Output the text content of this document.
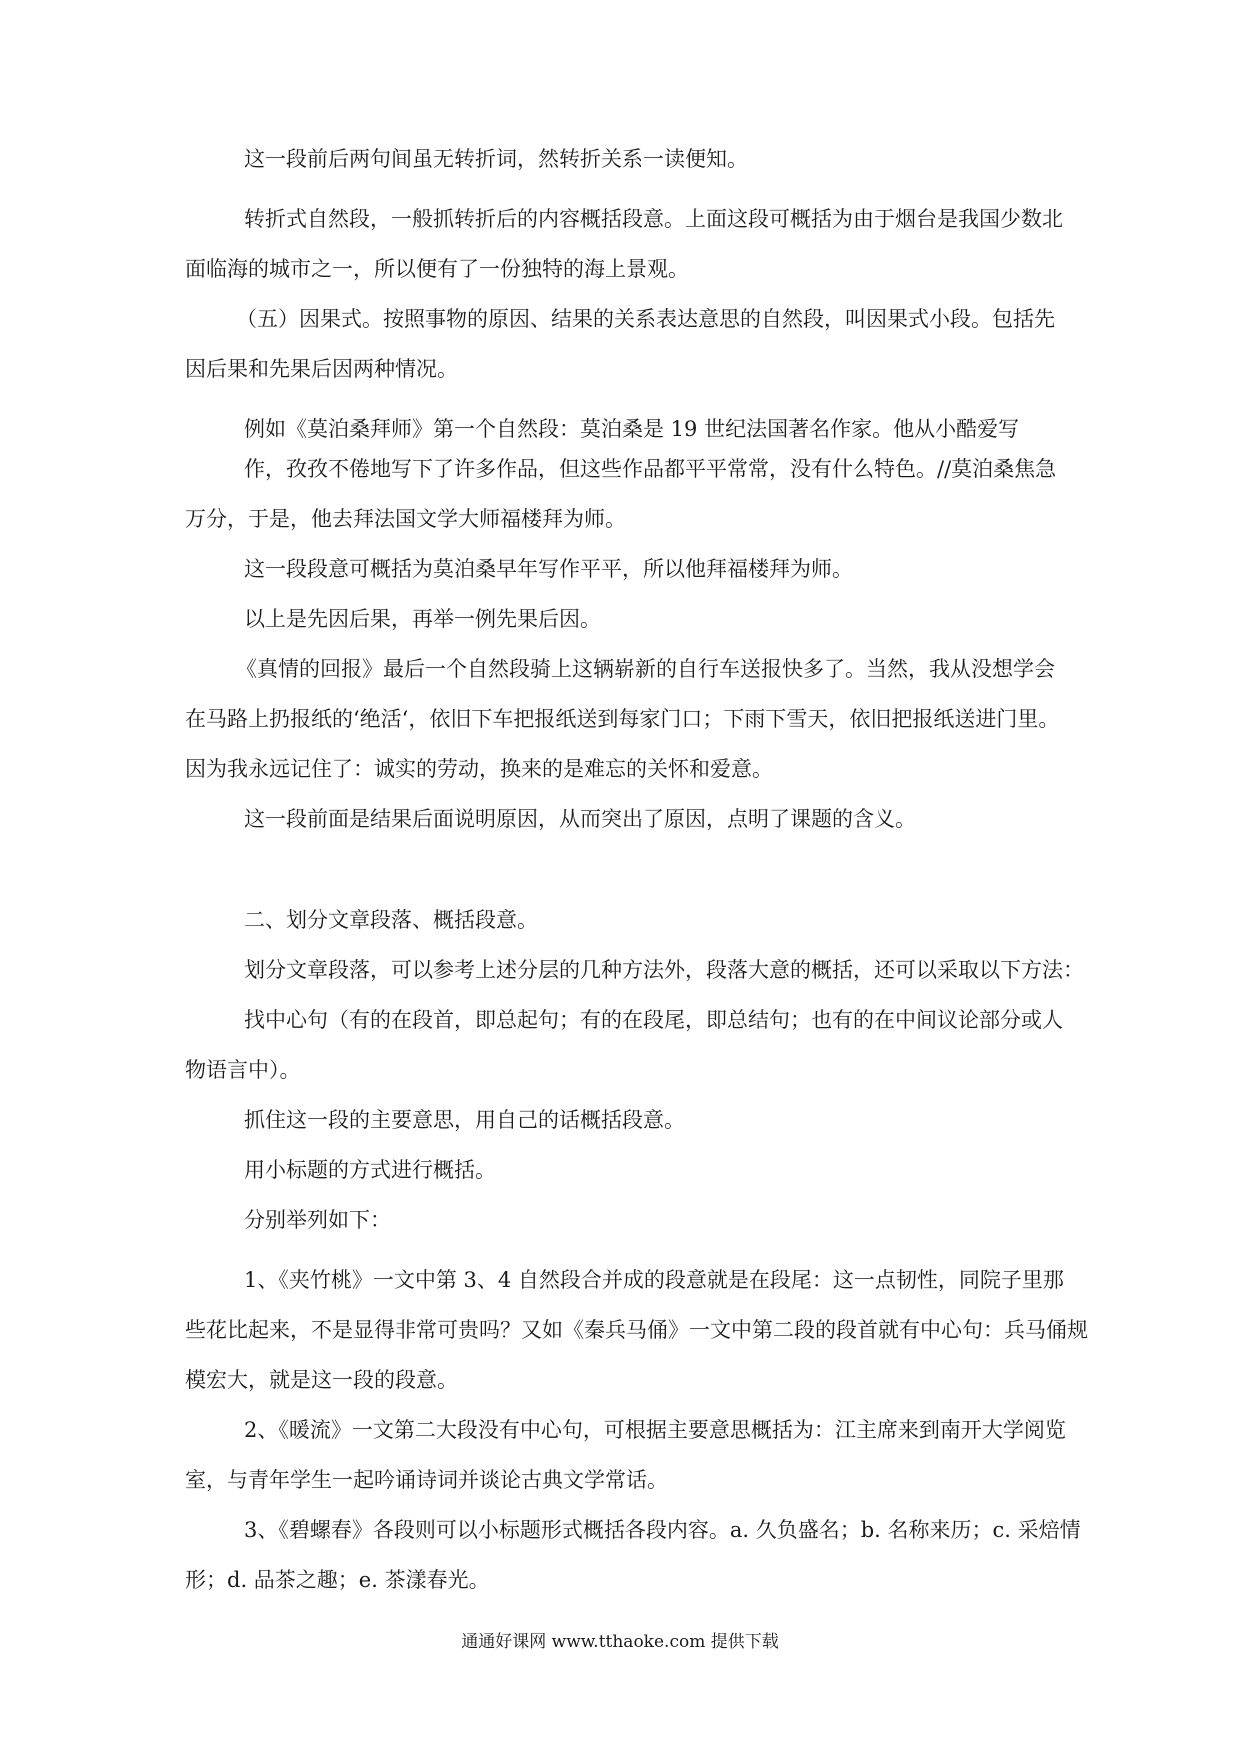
这一段前后两句间虽无转折词，然转折关系一读便知。

转折式自然段，一般抓转折后的内容概括段意。上面这段可概括为由于烟台是我国少数北
面临海的城市之一，所以便有了一份独特的海上景观。

（五）因果式。按照事物的原因、结果的关系表达意思的自然段，叫因果式小段。包括先
因后果和先果后因两种情况。

例如《莫泊桑拜师》第一个自然段：莫泊桑是 19 世纪法国著名作家。他从小酷爱写

作，孜孜不倦地写下了许多作品，但这些作品都平平常常，没有什么特色。//莫泊桑焦急
万分，于是，他去拜法国文学大师福楼拜为师。

这一段段意可概括为莫泊桑早年写作平平，所以他拜福楼拜为师。

以上是先因后果，再举一例先果后因。

《真情的回报》最后一个自然段骑上这辆崭新的自行车送报快多了。当然，我从没想学会
在马路上扔报纸的‘绝活‘，依旧下车把报纸送到每家门口；下雨下雪天，依旧把报纸送进门里。
因为我永远记住了：诚实的劳动，换来的是难忘的关怀和爱意。

这一段前面是结果后面说明原因，从而突出了原因，点明了课题的含义。

二、划分文章段落、概括段意。

划分文章段落，可以参考上述分层的几种方法外，段落大意的概括，还可以采取以下方法：

找中心句（有的在段首，即总起句；有的在段尾，即总结句；也有的在中间议论部分或人
物语言中）。

抓住这一段的主要意思，用自己的话概括段意。

用小标题的方式进行概括。

分别举列如下：

1、《夹竹桃》一文中第 3、4 自然段合并成的段意就是在段尾：这一点韧性，同院子里那
些花比起来，不是显得非常可贵吗？又如《秦兵马俑》一文中第二段的段首就有中心句：兵马俑规
模宏大，就是这一段的段意。

2、《暖流》一文第二大段没有中心句，可根据主要意思概括为：江主席来到南开大学阅览
室，与青年学生一起吟诵诗词并谈论古典文学常话。

3、《碧螺春》各段则可以小标题形式概括各段内容。a. 久负盛名；b. 名称来历；c. 采焙情
形；d. 品茶之趣；e. 茶漾春光。

通通好课网 www.tthaoke.com 提供下载
